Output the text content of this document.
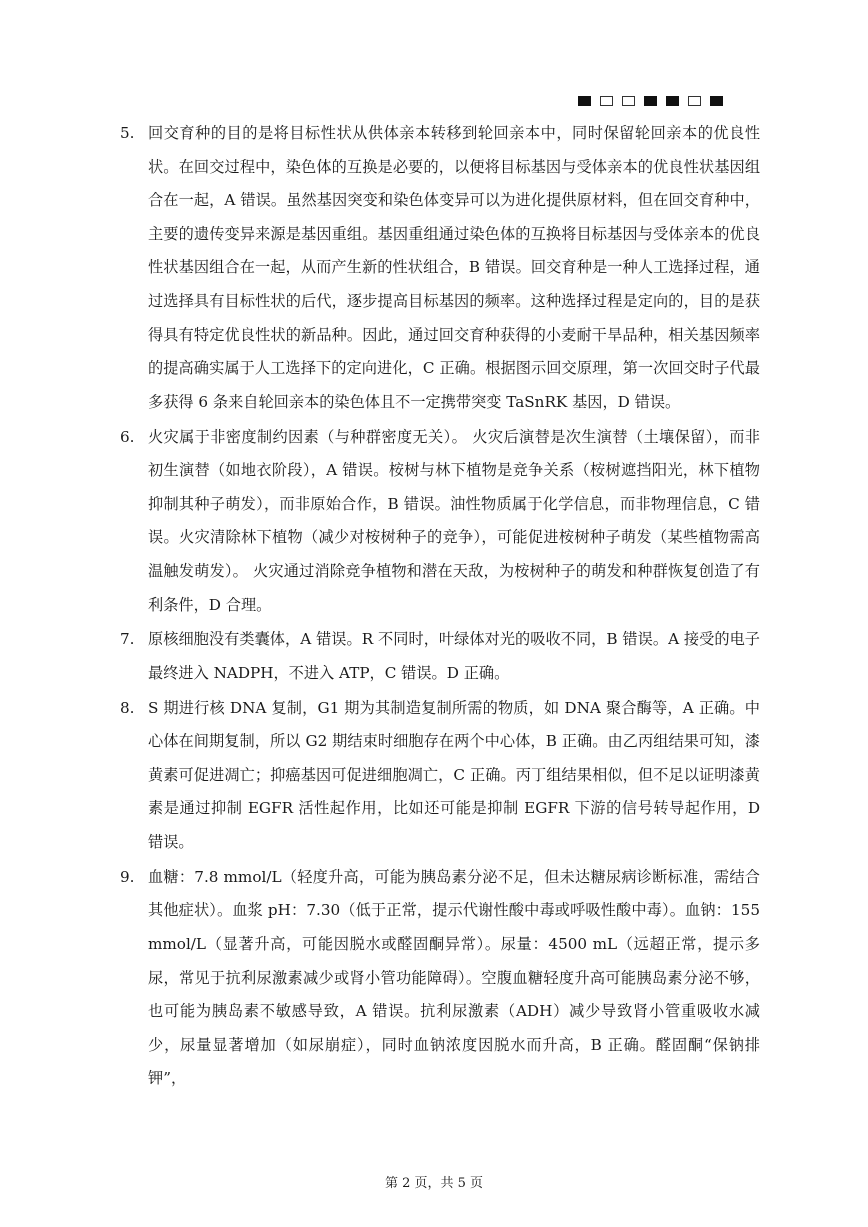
5. 回交育种的目的是将目标性状从供体亲本转移到轮回亲本中，同时保留轮回亲本的优良性状。在回交过程中，染色体的互换是必要的，以便将目标基因与受体亲本的优良性状基因组合在一起，A 错误。虽然基因突变和染色体变异可以为进化提供原材料，但在回交育种中，主要的遗传变异来源是基因重组。基因重组通过染色体的互换将目标基因与受体亲本的优良性状基因组合在一起，从而产生新的性状组合，B 错误。回交育种是一种人工选择过程，通过选择具有目标性状的后代，逐步提高目标基因的频率。这种选择过程是定向的，目的是获得具有特定优良性状的新品种。因此，通过回交育种获得的小麦耐干旱品种，相关基因频率的提高确实属于人工选择下的定向进化，C 正确。根据图示回交原理，第一次回交时子代最多获得 6 条来自轮回亲本的染色体且不一定携带突变 TaSnRK 基因，D 错误。
6. 火灾属于非密度制约因素（与种群密度无关）。 火灾后演替是次生演替（土壤保留），而非初生演替（如地衣阶段），A 错误。桉树与林下植物是竞争关系（桉树遮挡阳光，林下植物抑制其种子萌发），而非原始合作，B 错误。油性物质属于化学信息，而非物理信息，C 错误。火灾清除林下植物（减少对桉树种子的竞争），可能促进桉树种子萌发（某些植物需高温触发萌发）。 火灾通过消除竞争植物和潜在天敌，为桉树种子的萌发和种群恢复创造了有利条件，D 合理。
7. 原核细胞没有类囊体，A 错误。R 不同时，叶绿体对光的吸收不同，B 错误。A 接受的电子最终进入 NADPH，不进入 ATP，C 错误。D 正确。
8. S 期进行核 DNA 复制，G1 期为其制造复制所需的物质，如 DNA 聚合酶等，A 正确。中心体在间期复制，所以 G2 期结束时细胞存在两个中心体，B 正确。由乙丙组结果可知，漆黄素可促进凋亡；抑癌基因可促进细胞凋亡，C 正确。丙丁组结果相似，但不足以证明漆黄素是通过抑制 EGFR 活性起作用，比如还可能是抑制 EGFR 下游的信号转导起作用，D 错误。
9. 血糖：7.8 mmol/L（轻度升高，可能为胰岛素分泌不足，但未达糖尿病诊断标准，需结合其他症状）。血浆 pH：7.30（低于正常，提示代谢性酸中毒或呼吸性酸中毒）。血钠：155 mmol/L（显著升高，可能因脱水或醛固酮异常）。尿量：4500 mL（远超正常，提示多尿，常见于抗利尿激素减少或肾小管功能障碍）。空腹血糖轻度升高可能胰岛素分泌不够，也可能为胰岛素不敏感导致，A 错误。抗利尿激素（ADH）减少导致肾小管重吸收水减少，尿量显著增加（如尿崩症），同时血钠浓度因脱水而升高，B 正确。醛固酮“保钠排钾”，
第 2 页，共 5 页
